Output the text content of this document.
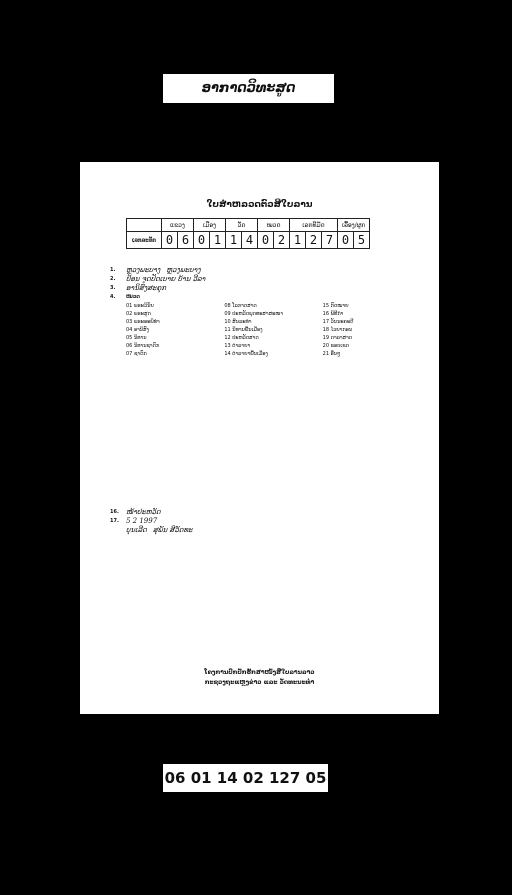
ອາກາດວິທະສູດ
ໃບສຳຫລວດຕົວສີໃບລານ
	ແຂວງ		ເມືອງ		ວັດ		ໝວດ		ເລກທີມັດ			ເລື້ອງ/ຜູກ	
ເລກລະຫັດ	0	6	0	1	1	4	0	2	1	2	7	0	5
1.	ຫຼວງພະບາງ ຫຼວງພະບາງ
2.	ປ້ອນ ຈູດປັດເບາຍ ບ້ານ ວີລາ
3.	ອານິສົງສະຄຸກ
4.	ໝວດ
01 ພຣະວິນັຍ	08 ໂລກາດສາດ	15 ກົດໝາຍ
02 ພຣະສູດ	09 ປະຫວັດພຸດທະສາສະໜາ	16 ພິທີກຳ
03 ພຣະອະພິທຳ	10 ສິນລະທຳ	17 ວັນນະຄະດີ
04 ອານິສົງ	11 ນິທານພື້ນເມືອງ	18 ໄວຍາກອນ
05 ນິທານ	12 ປະຫວັດສາດ	19 ດາລາສາດ
06 ນິທານຊາດົກ	13 ຕຳລາຍາ	20 ຂອບເຂດ
07 ຊາດົກ	14 ຕຳລາຍາພື້ນເມືອງ	21 ອື່ນໆ
16. ໜ້າປະຫວັດ
17. 5 2 1997
ບຸນເລີດ ສຸພັນ ສີວັດທະ
ໂຄງການປົກປັກຮັກສາໜັງສືໃບລານລາວ
ກະຊວງຖະແຫຼງຂ່າວ ແລະ ວັດທະນະທຳ
06 01 14 02 127 05
